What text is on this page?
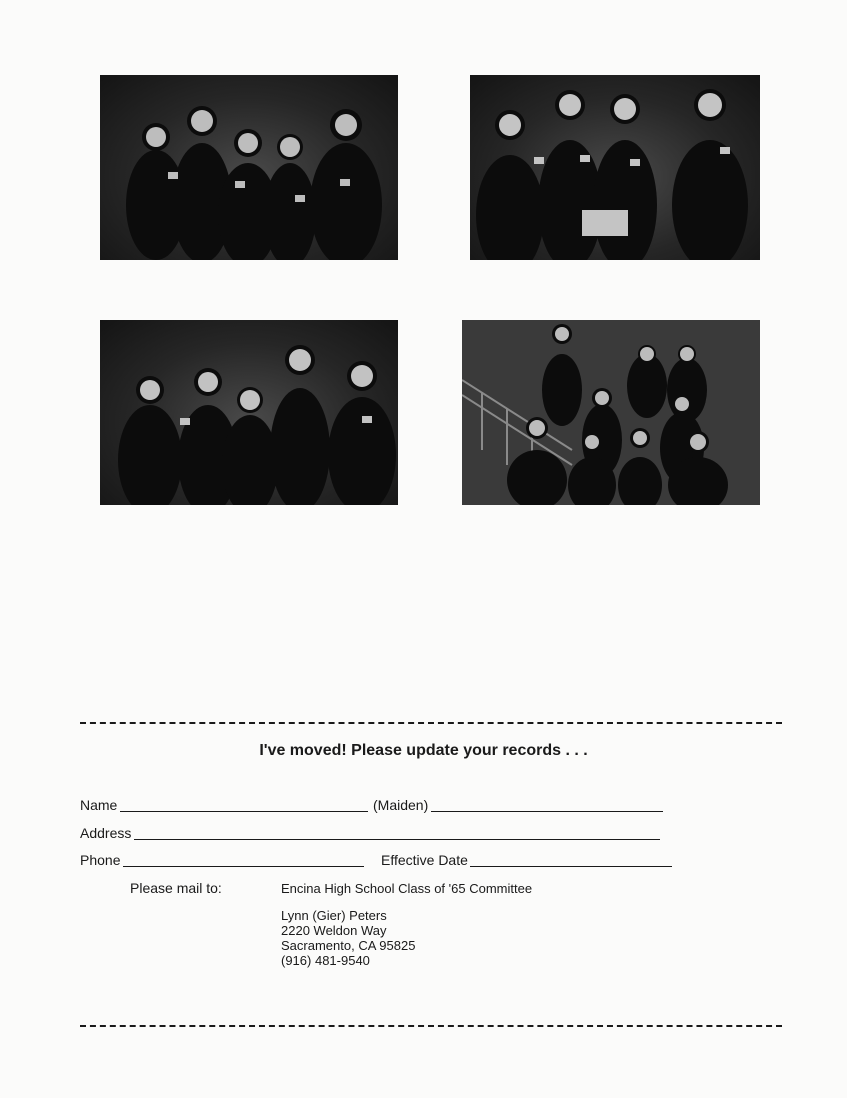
I've moved! Please update your records . . .
Name	(Maiden)
Address
Phone	Effective Date
Please mail to:	Encina High School Class of '65 Committee
Lynn (Gier) Peters
2220 Weldon Way
Sacramento, CA 95825
(916) 481-9540
